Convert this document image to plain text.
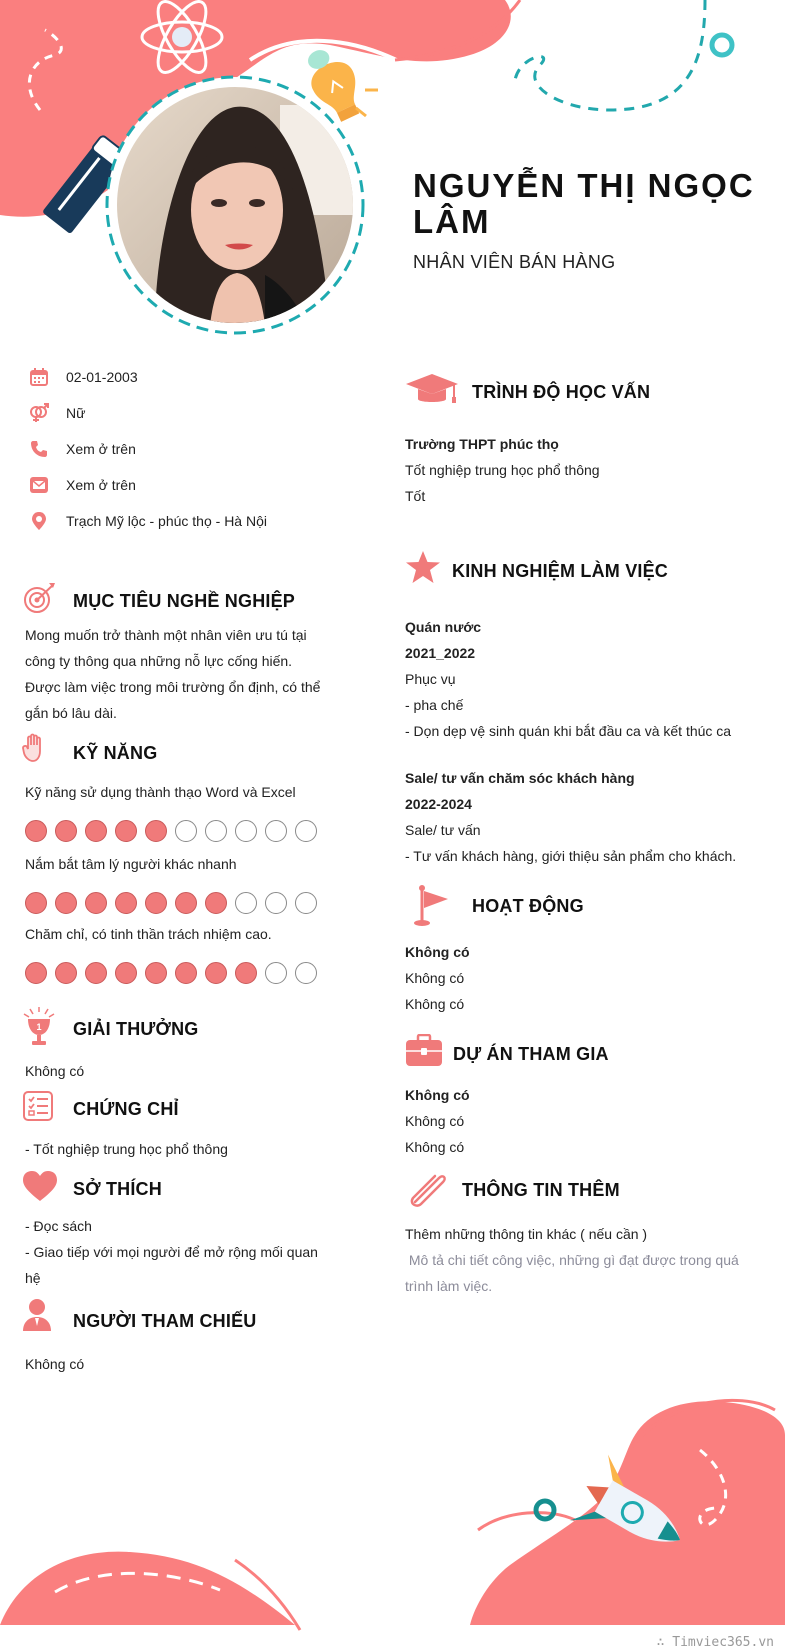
NGUYỄN THỊ NGỌC LÂM
NHÂN VIÊN BÁN HÀNG
02-01-2003
Nữ
Xem ở trên
Xem ở trên
Trạch Mỹ lộc - phúc thọ - Hà Nội
MỤC TIÊU NGHỀ NGHIỆP
Mong muốn trở thành một nhân viên ưu tú tại
công ty thông qua những nỗ lực cống hiến.
Được làm việc trong môi trường ổn định, có thể
gắn bó lâu dài.
KỸ NĂNG
Kỹ năng sử dụng thành thạo Word và Excel
Nắm bắt tâm lý người khác nhanh
Chăm chỉ, có tinh thần trách nhiệm cao.
1 GIẢI THƯỞNG
Không có
CHỨNG CHỈ
- Tốt nghiệp trung học phổ thông
SỞ THÍCH
- Đọc sách
- Giao tiếp với mọi người để mở rộng mối quan
hệ
NGƯỜI THAM CHIẾU
Không có
TRÌNH ĐỘ HỌC VẤN
Trường THPT phúc thọ
Tốt nghiệp trung học phổ thông
Tốt
KINH NGHIỆM LÀM VIỆC
Quán nước
2021_2022
Phục vụ
- pha chế
- Dọn dẹp vệ sinh quán khi bắt đầu ca và kết thúc ca
Sale/ tư vấn chăm sóc khách hàng
2022-2024
Sale/ tư vấn
- Tư vấn khách hàng, giới thiệu sản phẩm cho khách.
HOẠT ĐỘNG
Không có
Không có
Không có
DỰ ÁN THAM GIA
Không có
Không có
Không có
THÔNG TIN THÊM
Thêm những thông tin khác ( nếu cần )
Mô tả chi tiết công việc, những gì đạt được trong quá
trình làm việc.
∴ Timviec365.vn
